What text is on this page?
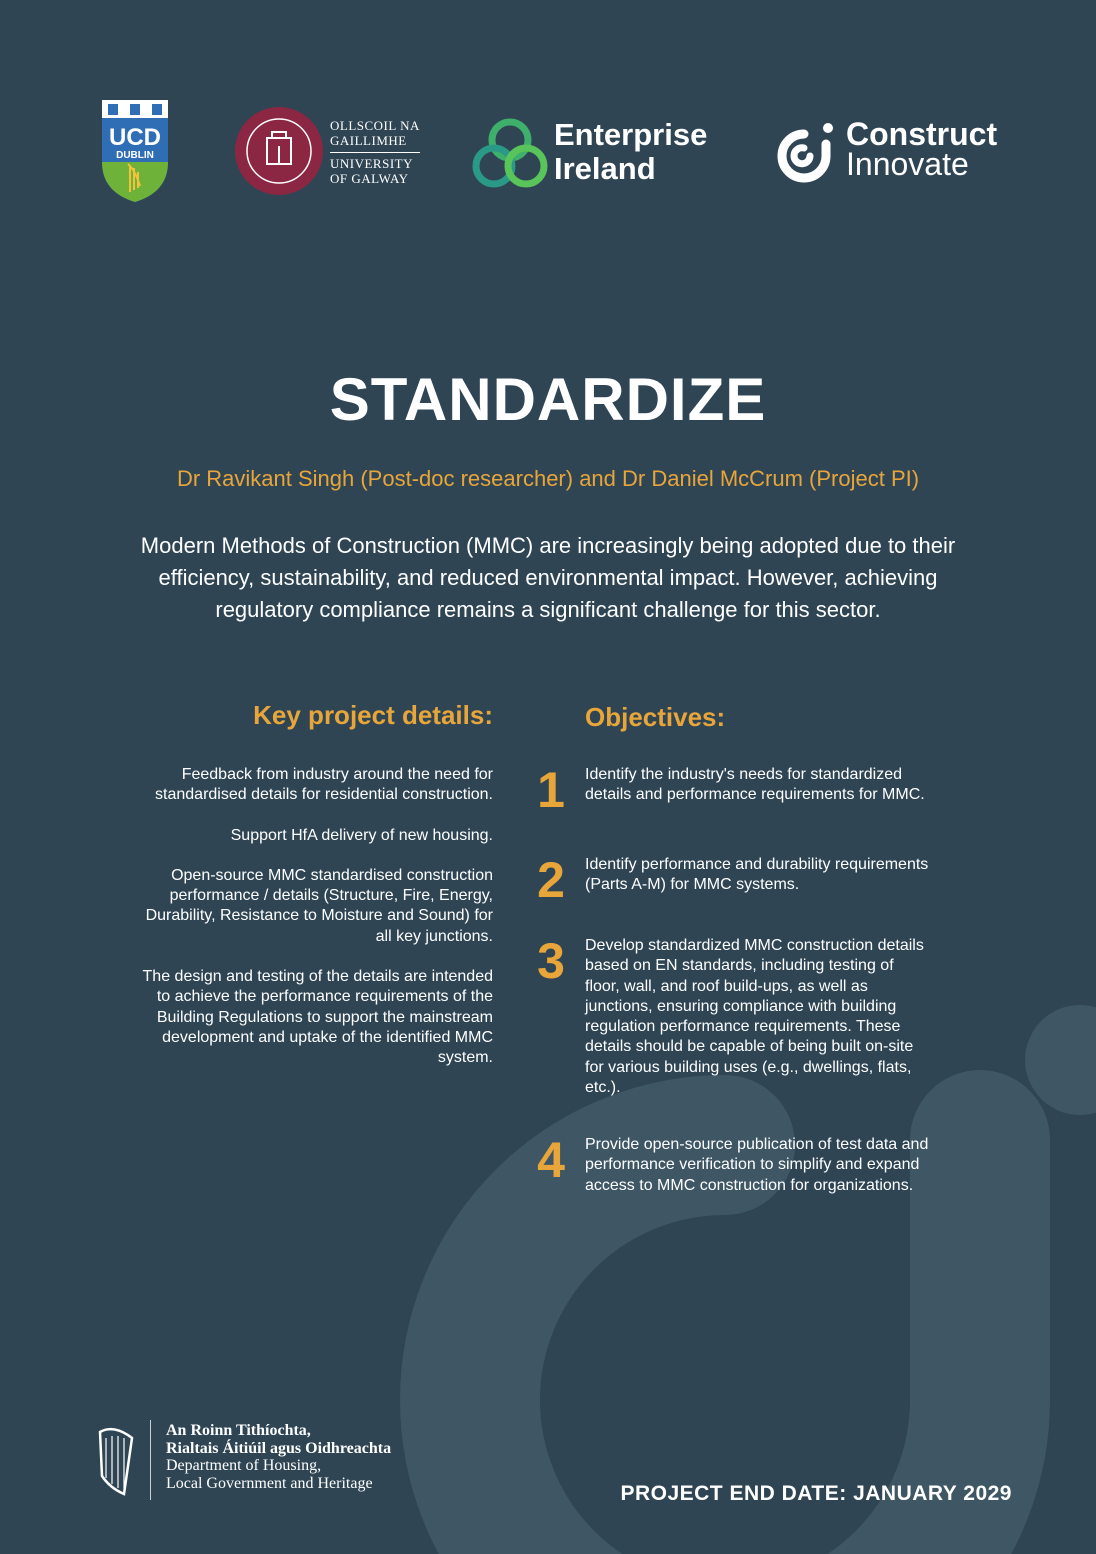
UCD
DUBLIN
OLLSCOIL NA
GAILLIMHE
UNIVERSITY
OF GALWAY
Enterprise
Ireland
Construct
Innovate
STANDARDIZE
Dr Ravikant Singh (Post-doc researcher) and Dr Daniel McCrum (Project PI)
Modern Methods of Construction (MMC) are increasingly being adopted due to their
efficiency, sustainability, and reduced environmental impact. However, achieving
regulatory compliance remains a significant challenge for this sector.
Key project details:	Objectives:

Feedback from industry around the need for standardised details for residential construction.

Support HfA delivery of new housing.

Open-source MMC standardised construction performance / details (Structure, Fire, Energy, Durability, Resistance to Moisture and Sound) for all key junctions.

The design and testing of the details are intended to achieve the performance requirements of the Building Regulations to support the mainstream development and uptake of the identified MMC system.

1	Identify the industry's needs for standardized details and performance requirements for MMC.
2	Identify performance and durability requirements (Parts A-M) for MMC systems.
3	Develop standardized MMC construction details based on EN standards, including testing of floor, wall, and roof build-ups, as well as junctions, ensuring compliance with building regulation performance requirements. These details should be capable of being built on-site for various building uses (e.g., dwellings, flats, etc.).
4	Provide open-source publication of test data and performance verification to simplify and expand access to MMC construction for organizations.
An Roinn Tithíochta,
Rialtais Áitiúil agus Oidhreachta
Department of Housing,
Local Government and Heritage	PROJECT END DATE: JANUARY 2029
